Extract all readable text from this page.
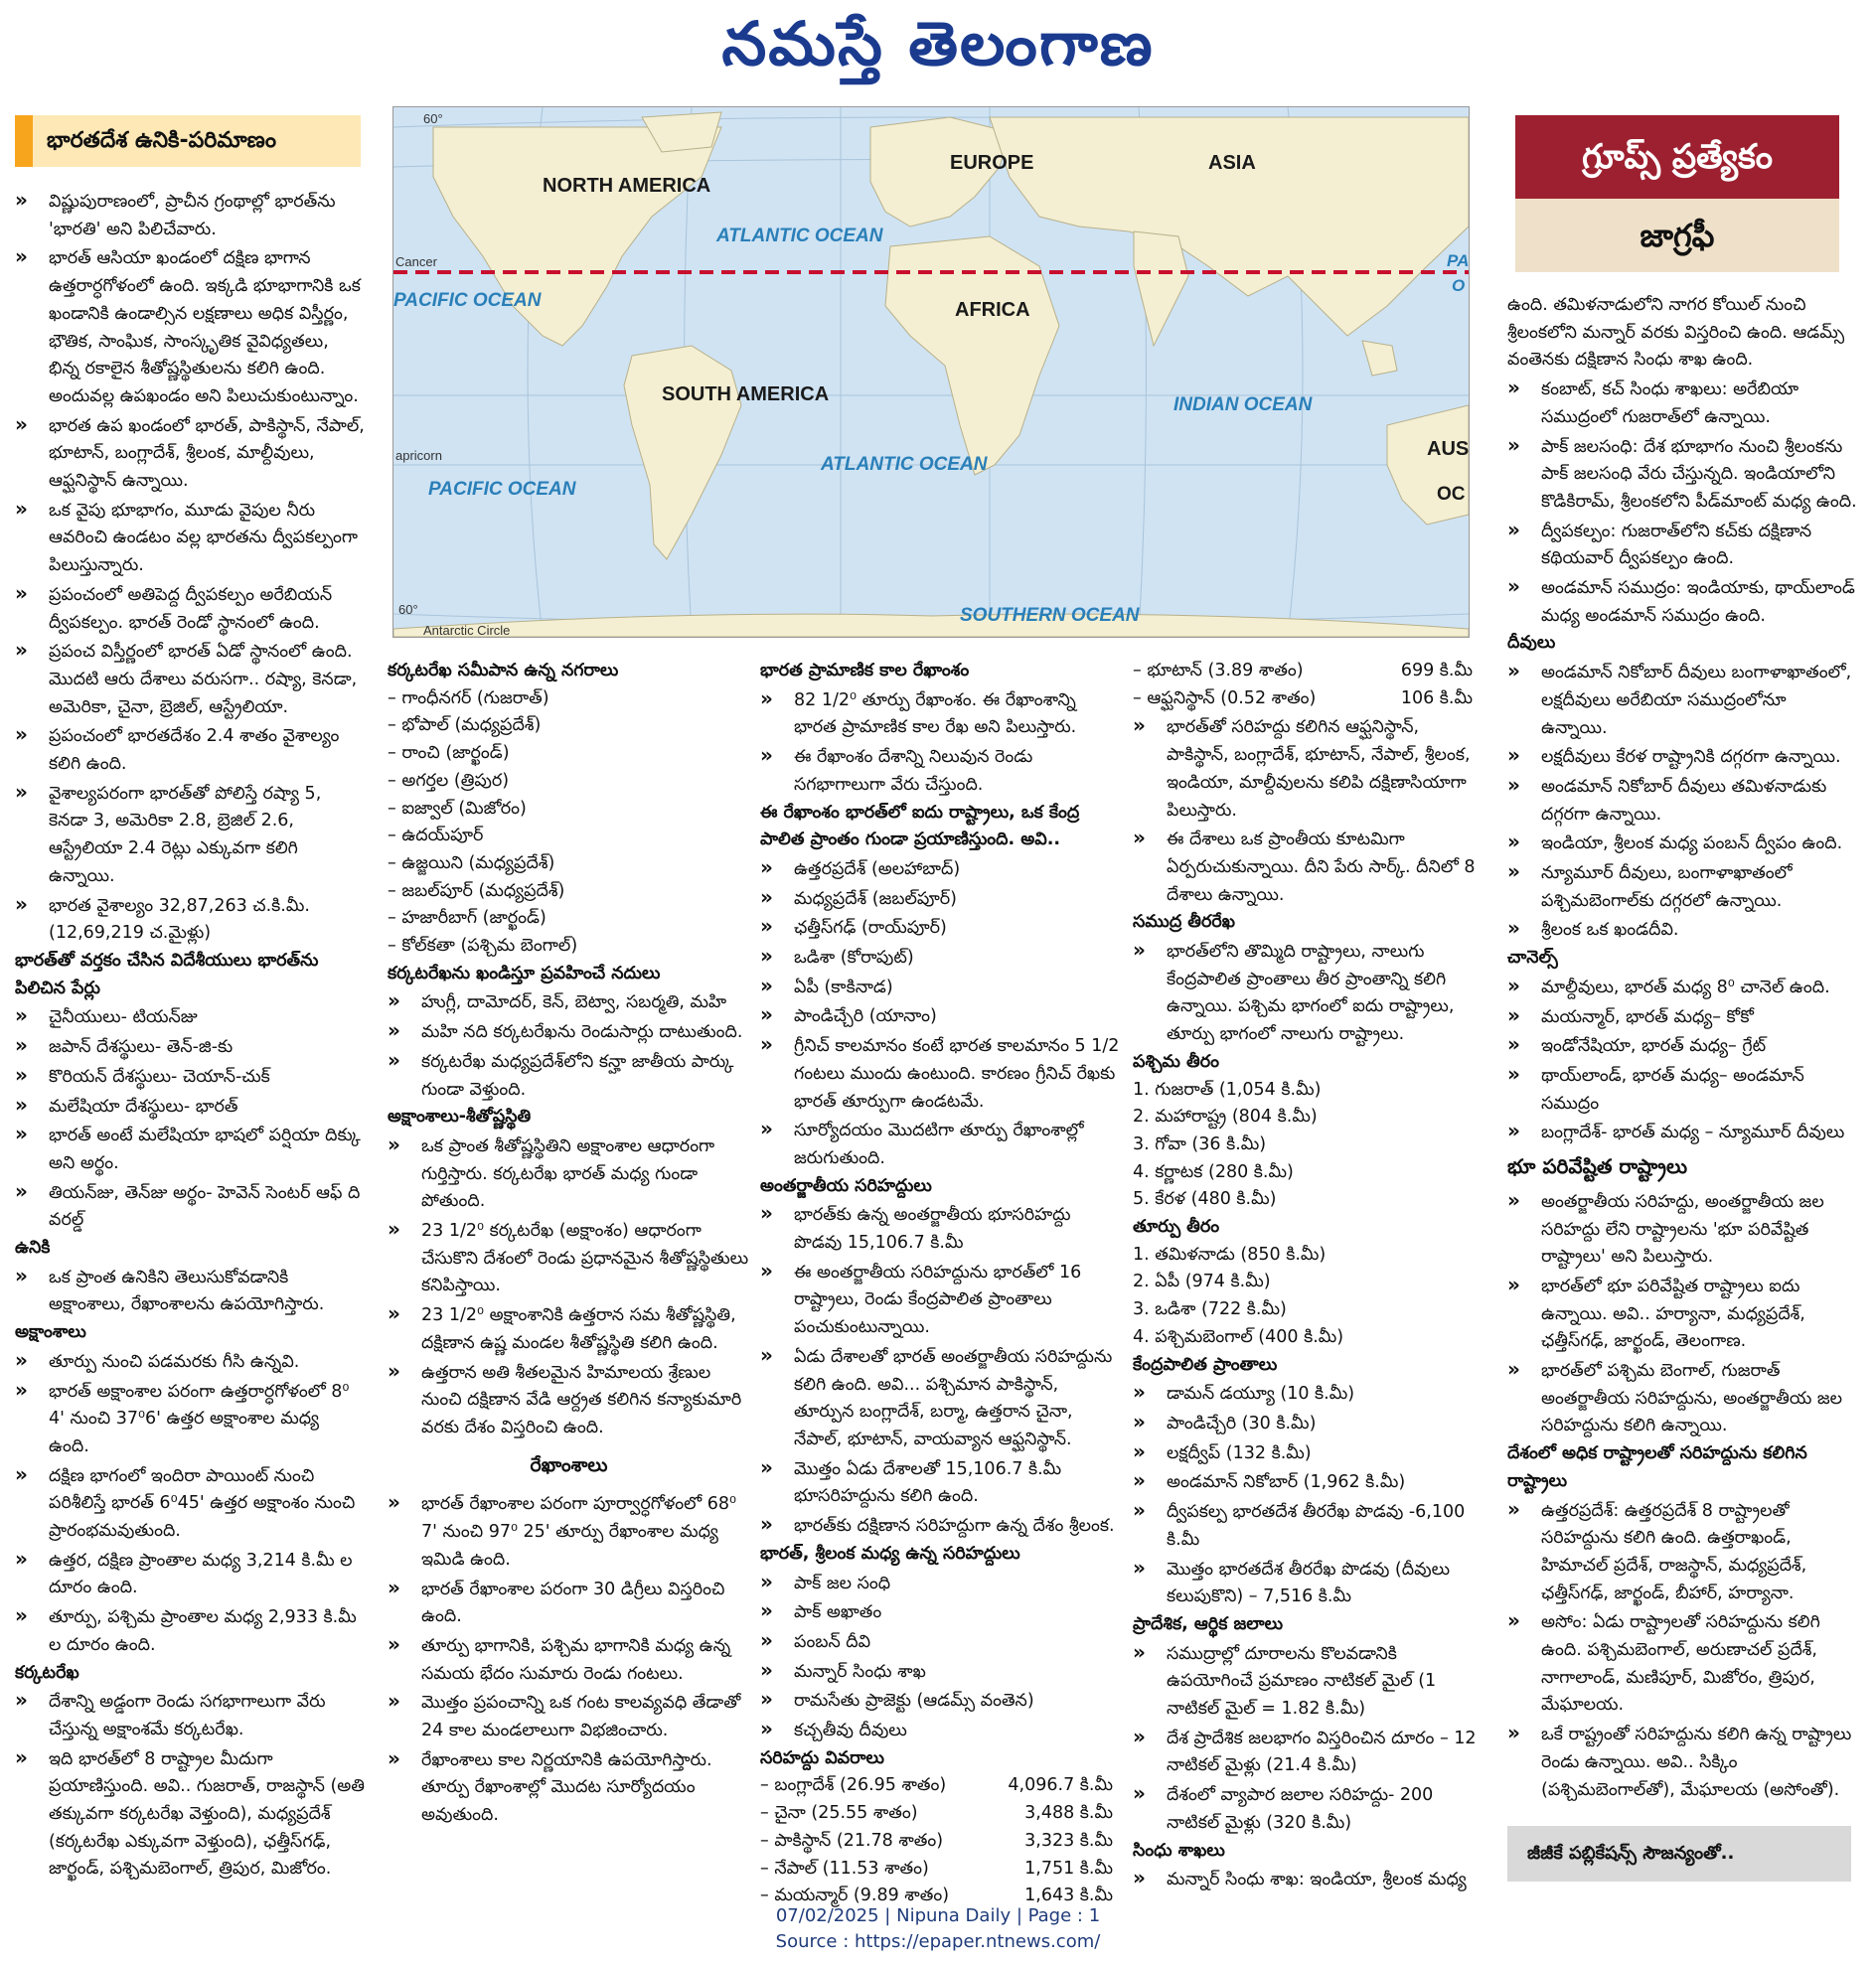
నమస్తే తెలంగాణ
భారతదేశ ఉనికి-పరిమాణం
NORTH AMERICA
EUROPE	ASIA
ATLANTIC OCEAN
PACIFIC OCEAN	AFRICA
SOUTH AMERICA	INDIAN OCEAN
ATLANTIC OCEAN
PACIFIC OCEAN
SOUTHERN OCEAN
AUS
OC
PA
O
Cancer
apricorn
Antarctic Circle
60°
60°
గ్రూప్స్ ప్రత్యేకం
జాగ్రఫీ

» విష్ణుపురాణంలో, ప్రాచీన గ్రంథాల్లో భారత్‌ను 'భారతి' అని పిలిచేవారు.

» భారత్ ఆసియా ఖండంలో దక్షిణ భాగాన ఉత్తరార్ధగోళంలో ఉంది. ఇక్కడి భూభాగానికి ఒక ఖండానికి ఉండాల్సిన లక్షణాలు అధిక విస్తీర్ణం, భౌతిక, సాంఘిక, సాంస్కృతిక వైవిధ్యతలు, భిన్న రకాలైన శీతోష్ణస్థితులను కలిగి ఉంది. అందువల్ల ఉపఖండం అని పిలుచుకుంటున్నాం.

» భారత ఉప ఖండంలో భారత్, పాకిస్థాన్, నేపాల్, భూటాన్, బంగ్లాదేశ్, శ్రీలంక, మాల్దీవులు, ఆఫ్ఘనిస్థాన్ ఉన్నాయి.

» ఒక వైపు భూభాగం, మూడు వైపుల నీరు ఆవరించి ఉండటం వల్ల భారతను ద్వీపకల్పంగా పిలుస్తున్నారు.

» ప్రపంచంలో అతిపెద్ద ద్వీపకల్పం అరేబియన్ ద్వీపకల్పం. భారత్ రెండో స్థానంలో ఉంది.

» ప్రపంచ విస్తీర్ణంలో భారత్ ఏడో స్థానంలో ఉంది. మొదటి ఆరు దేశాలు వరుసగా.. రష్యా, కెనడా, అమెరికా, చైనా, బ్రెజిల్, ఆస్ట్రేలియా.

» ప్రపంచంలో భారతదేశం 2.4 శాతం వైశాల్యం కలిగి ఉంది.

» వైశాల్యపరంగా భారత్‌తో పోలిస్తే రష్యా 5, కెనడా 3, అమెరికా 2.8, బ్రెజిల్ 2.6, ఆస్ట్రేలియా 2.4 రెట్లు ఎక్కువగా కలిగి ఉన్నాయి.

» భారత వైశాల్యం 32,87,263 చ.కి.మీ. (12,69,219 చ.మైళ్లు)

భారత్‌తో వర్తకం చేసిన విదేశీయులు భారత్‌ను పిలిచిన పేర్లు

» చైనీయులు- టియన్‌జు

» జపాన్ దేశస్థులు- తెన్-జి-కు

» కొరియన్ దేశస్థులు- చెయాన్-చుక్

» మలేషియా దేశస్థులు- భారత్

» భారత్ అంటే మలేషియా భాషలో పర్షియా దిక్కు అని అర్థం.

» తియన్‌జు, తెన్‌జు అర్థం- హెవెన్ సెంటర్ ఆఫ్ ది వరల్డ్

ఉనికి

» ఒక ప్రాంత ఉనికిని తెలుసుకోవడానికి అక్షాంశాలు, రేఖాంశాలను ఉపయోగిస్తారు.

అక్షాంశాలు

» తూర్పు నుంచి పడమరకు గీసి ఉన్నవి.

» భారత్ అక్షాంశాల పరంగా ఉత్తరార్ధగోళంలో 8⁰ 4' నుంచి 37⁰6' ఉత్తర అక్షాంశాల మధ్య ఉంది.

» దక్షిణ భాగంలో ఇందిరా పాయింట్ నుంచి పరిశీలిస్తే భారత్ 6⁰45' ఉత్తర అక్షాంశం నుంచి ప్రారంభమవుతుంది.

» ఉత్తర, దక్షిణ ప్రాంతాల మధ్య 3,214 కి.మీ ల దూరం ఉంది.

» తూర్పు, పశ్చిమ ప్రాంతాల మధ్య 2,933 కి.మీ ల దూరం ఉంది.

కర్కటరేఖ

» దేశాన్ని అడ్డంగా రెండు సగభాగాలుగా వేరు చేస్తున్న అక్షాంశమే కర్కటరేఖ.

» ఇది భారత్‌లో 8 రాష్ట్రాల మీదుగా ప్రయాణిస్తుంది. అవి.. గుజరాత్, రాజస్థాన్ (అతి తక్కువగా కర్కటరేఖ వెళ్తుంది), మధ్యప్రదేశ్ (కర్కటరేఖ ఎక్కువగా వెళ్తుంది), ఛత్తీస్‌గఢ్, జార్ఖండ్, పశ్చిమబెంగాల్, త్రిపుర, మిజోరం.

కర్కటరేఖ సమీపాన ఉన్న నగరాలు

– గాంధీనగర్ (గుజరాత్)

– భోపాల్ (మధ్యప్రదేశ్)

– రాంచి (జార్ఖండ్)

– అగర్తల (త్రిపుర)

– ఐజ్వాల్ (మిజోరం)

– ఉదయ్‌పూర్

– ఉజ్జయిని (మధ్యప్రదేశ్)

– జబల్‌పూర్ (మధ్యప్రదేశ్)

– హజారీబాగ్ (జార్ఖండ్)

– కోల్‌కతా (పశ్చిమ బెంగాల్)

కర్కటరేఖను ఖండిస్తూ ప్రవహించే నదులు

» హుగ్లీ, దామోదర్, కెన్, బెట్వా, సబర్మతి, మహి

» మహి నది కర్కటరేఖను రెండుసార్లు దాటుతుంది.

» కర్కటరేఖ మధ్యప్రదేశ్‌లోని కన్హా జాతీయ పార్కు గుండా వెళ్తుంది.

అక్షాంశాలు-శీతోష్ణస్థితి

» ఒక ప్రాంత శీతోష్ణస్థితిని అక్షాంశాల ఆధారంగా గుర్తిస్తారు. కర్కటరేఖ భారత్ మధ్య గుండా పోతుంది.

» 23 1/2⁰ కర్కటరేఖ (అక్షాంశం) ఆధారంగా చేసుకొని దేశంలో రెండు ప్రధానమైన శీతోష్ణస్థితులు కనిపిస్తాయి.

» 23 1/2⁰ అక్షాంశానికి ఉత్తరాన సమ శీతోష్ణస్థితి, దక్షిణాన ఉష్ణ మండల శీతోష్ణస్థితి కలిగి ఉంది.

» ఉత్తరాన అతి శీతలమైన హిమాలయ శ్రేణుల నుంచి దక్షిణాన వేడి ఆర్ద్రత కలిగిన కన్యాకుమారి వరకు దేశం విస్తరించి ఉంది.

రేఖాంశాలు

» భారత్ రేఖాంశాల పరంగా పూర్వార్ధగోళంలో 68⁰ 7' నుంచి 97⁰ 25' తూర్పు రేఖాంశాల మధ్య ఇమిడి ఉంది.

» భారత్ రేఖాంశాల పరంగా 30 డిగ్రీలు విస్తరించి ఉంది.

» తూర్పు భాగానికి, పశ్చిమ భాగానికి మధ్య ఉన్న సమయ భేదం సుమారు రెండు గంటలు.

» మొత్తం ప్రపంచాన్ని ఒక గంట కాలవ్యవధి తేడాతో 24 కాల మండలాలుగా విభజించారు.

» రేఖాంశాలు కాల నిర్ణయానికి ఉపయోగిస్తారు. తూర్పు రేఖాంశాల్లో మొదట సూర్యోదయం అవుతుంది.

భారత ప్రామాణిక కాల రేఖాంశం

» 82 1/2⁰ తూర్పు రేఖాంశం. ఈ రేఖాంశాన్ని భారత ప్రామాణిక కాల రేఖ అని పిలుస్తారు.

» ఈ రేఖాంశం దేశాన్ని నిలువున రెండు సగభాగాలుగా వేరు చేస్తుంది.

ఈ రేఖాంశం భారత్‌లో ఐదు రాష్ట్రాలు, ఒక కేంద్ర పాలిత ప్రాంతం గుండా ప్రయాణిస్తుంది. అవి..

» ఉత్తరప్రదేశ్ (అలహాబాద్)

» మధ్యప్రదేశ్ (జబల్‌పూర్)

» ఛత్తీస్‌గఢ్ (రాయ్‌పూర్)

» ఒడిశా (కోరాపుట్)

» ఏపీ (కాకినాడ)

» పాండిచ్చేరి (యానాం)

» గ్రీనిచ్ కాలమానం కంటే భారత కాలమానం 5 1/2 గంటలు ముందు ఉంటుంది. కారణం గ్రీనిచ్ రేఖకు భారత్ తూర్పుగా ఉండటమే.

» సూర్యోదయం మొదటిగా తూర్పు రేఖాంశాల్లో జరుగుతుంది.

అంతర్జాతీయ సరిహద్దులు

» భారత్‌కు ఉన్న అంతర్జాతీయ భూసరిహద్దు పొడవు 15,106.7 కి.మీ

» ఈ అంతర్జాతీయ సరిహద్దును భారత్‌లో 16 రాష్ట్రాలు, రెండు కేంద్రపాలిత ప్రాంతాలు పంచుకుంటున్నాయి.

» ఏడు దేశాలతో భారత్ అంతర్జాతీయ సరిహద్దును కలిగి ఉంది. అవి... పశ్చిమాన పాకిస్థాన్, తూర్పున బంగ్లాదేశ్, బర్మా, ఉత్తరాన చైనా, నేపాల్, భూటాన్, వాయవ్యాన ఆఫ్ఘనిస్థాన్.

» మొత్తం ఏడు దేశాలతో 15,106.7 కి.మీ భూసరిహద్దును కలిగి ఉంది.

» భారత్‌కు దక్షిణాన సరిహద్దుగా ఉన్న దేశం శ్రీలంక.

భారత్, శ్రీలంక మధ్య ఉన్న సరిహద్దులు

» పాక్ జల సంధి

» పాక్ అఖాతం

» పంబన్ దీవి

» మన్నార్ సింధు శాఖ

» రామసేతు ప్రాజెక్టు (ఆడమ్స్ వంతెన)

» కచ్చతీవు దీవులు

సరిహద్దు వివరాలు

– బంగ్లాదేశ్ (26.95 శాతం)	4,096.7 కి.మీ
– చైనా (25.55 శాతం)	3,488 కి.మీ
– పాకిస్థాన్ (21.78 శాతం)	3,323 కి.మీ
– నేపాల్ (11.53 శాతం)	1,751 కి.మీ
– మయన్మార్ (9.89 శాతం)	1,643 కి.మీ
– భూటాన్ (3.89 శాతం)	699 కి.మీ
– ఆఫ్ఘనిస్థాన్ (0.52 శాతం)	106 కి.మీ

» భారత్‌తో సరిహద్దు కలిగిన ఆఫ్ఘనిస్థాన్, పాకిస్థాన్, బంగ్లాదేశ్, భూటాన్, నేపాల్, శ్రీలంక, ఇండియా, మాల్దీవులను కలిపి దక్షిణాసియాగా పిలుస్తారు.

» ఈ దేశాలు ఒక ప్రాంతీయ కూటమిగా ఏర్పరుచుకున్నాయి. దీని పేరు సార్క్. దీనిలో 8 దేశాలు ఉన్నాయి.

సముద్ర తీరరేఖ

» భారత్‌లోని తొమ్మిది రాష్ట్రాలు, నాలుగు కేంద్రపాలిత ప్రాంతాలు తీర ప్రాంతాన్ని కలిగి ఉన్నాయి. పశ్చిమ భాగంలో ఐదు రాష్ట్రాలు, తూర్పు భాగంలో నాలుగు రాష్ట్రాలు.

పశ్చిమ తీరం

1. గుజరాత్ (1,054 కి.మీ)

2. మహారాష్ట్ర (804 కి.మీ)

3. గోవా (36 కి.మీ)

4. కర్ణాటక (280 కి.మీ)

5. కేరళ (480 కి.మీ)

తూర్పు తీరం

1. తమిళనాడు (850 కి.మీ)

2. ఏపీ (974 కి.మీ)

3. ఒడిశా (722 కి.మీ)

4. పశ్చిమబెంగాల్ (400 కి.మీ)

కేంద్రపాలిత ప్రాంతాలు

» డామన్ డయ్యూ (10 కి.మీ)

» పాండిచ్చేరి (30 కి.మీ)

» లక్షద్వీప్ (132 కి.మీ)

» అండమాన్ నికోబార్ (1,962 కి.మీ)

» ద్వీపకల్ప భారతదేశ తీరరేఖ పొడవు -6,100 కి.మీ

» మొత్తం భారతదేశ తీరరేఖ పొడవు (దీవులు కలుపుకొని) – 7,516 కి.మీ

ప్రాదేశిక, ఆర్థిక జలాలు

» సముద్రాల్లో దూరాలను కొలవడానికి ఉపయోగించే ప్రమాణం నాటికల్ మైల్ (1 నాటికల్ మైల్ = 1.82 కి.మీ)

» దేశ ప్రాదేశిక జలభాగం విస్తరించిన దూరం – 12 నాటికల్ మైళ్లు (21.4 కి.మీ)

» దేశంలో వ్యాపార జలాల సరిహద్దు- 200 నాటికల్ మైళ్లు (320 కి.మీ)

సింధు శాఖలు

» మన్నార్ సింధు శాఖ: ఇండియా, శ్రీలంక మధ్య

ఉంది. తమిళనాడులోని నాగర కోయిల్ నుంచి శ్రీలంకలోని మన్నార్ వరకు విస్తరించి ఉంది. ఆడమ్స్ వంతెనకు దక్షిణాన సింధు శాఖ ఉంది.

» కంబాట్, కచ్ సింధు శాఖలు: అరేబియా సముద్రంలో గుజరాత్‌లో ఉన్నాయి.

» పాక్ జలసంధి: దేశ భూభాగం నుంచి శ్రీలంకను పాక్ జలసంధి వేరు చేస్తున్నది. ఇండియాలోని కొడికిరామ్, శ్రీలంకలోని పీడ్‌మాంట్ మధ్య ఉంది.

» ద్వీపకల్పం: గుజరాత్‌లోని కచ్‌కు దక్షిణాన కథియవార్ ద్వీపకల్పం ఉంది.

» అండమాన్ సముద్రం: ఇండియాకు, థాయ్‌లాండ్ మధ్య అండమాన్ సముద్రం ఉంది.

దీవులు

» అండమాన్ నికోబార్ దీవులు బంగాళాఖాతంలో, లక్షదీవులు అరేబియా సముద్రంలోనూ ఉన్నాయి.

» లక్షదీవులు కేరళ రాష్ట్రానికి దగ్గరగా ఉన్నాయి.

» అండమాన్ నికోబార్ దీవులు తమిళనాడుకు దగ్గరగా ఉన్నాయి.

» ఇండియా, శ్రీలంక మధ్య పంబన్ ద్వీపం ఉంది.

» న్యూమూర్ దీవులు, బంగాళాఖాతంలో పశ్చిమబెంగాల్‌కు దగ్గరలో ఉన్నాయి.

» శ్రీలంక ఒక ఖండదీవి.

చానెల్స్

» మాల్దీవులు, భారత్ మధ్య 8⁰ చానెల్ ఉంది.

» మయన్మార్, భారత్ మధ్య– కోకో

» ఇండోనేషియా, భారత్ మధ్య– గ్రేట్

» థాయ్‌లాండ్, భారత్ మధ్య– అండమాన్ సముద్రం

» బంగ్లాదేశ్- భారత్ మధ్య – న్యూమూర్ దీవులు

భూ పరివేష్టిత రాష్ట్రాలు

» అంతర్జాతీయ సరిహద్దు, అంతర్జాతీయ జల సరిహద్దు లేని రాష్ట్రాలను 'భూ పరివేష్టిత రాష్ట్రాలు' అని పిలుస్తారు.

» భారత్‌లో భూ పరివేష్టిత రాష్ట్రాలు ఐదు ఉన్నాయి. అవి.. హర్యానా, మధ్యప్రదేశ్, ఛత్తీస్‌గఢ్, జార్ఖండ్, తెలంగాణ.

» భారత్‌లో పశ్చిమ బెంగాల్, గుజరాత్ అంతర్జాతీయ సరిహద్దును, అంతర్జాతీయ జల సరిహద్దును కలిగి ఉన్నాయి.

దేశంలో అధిక రాష్ట్రాలతో సరిహద్దును కలిగిన రాష్ట్రాలు

» ఉత్తరప్రదేశ్: ఉత్తరప్రదేశ్ 8 రాష్ట్రాలతో సరిహద్దును కలిగి ఉంది. ఉత్తరాఖండ్, హిమాచల్ ప్రదేశ్, రాజస్థాన్, మధ్యప్రదేశ్, ఛత్తీస్‌గఢ్, జార్ఖండ్, బీహార్, హర్యానా.

» అసోం: ఏడు రాష్ట్రాలతో సరిహద్దును కలిగి ఉంది. పశ్చిమబెంగాల్, అరుణాచల్ ప్రదేశ్, నాగాలాండ్, మణిపూర్, మిజోరం, త్రిపుర, మేఘాలయ.

» ఒకే రాష్ట్రంతో సరిహద్దును కలిగి ఉన్న రాష్ట్రాలు రెండు ఉన్నాయి. అవి.. సిక్కిం (పశ్చిమబెంగాల్‌తో), మేఘాలయ (అసోంతో).

జీజీకే పబ్లికేషన్స్ సౌజన్యంతో..
07/02/2025 | Nipuna Daily | Page : 1
Source : https://epaper.ntnews.com/
